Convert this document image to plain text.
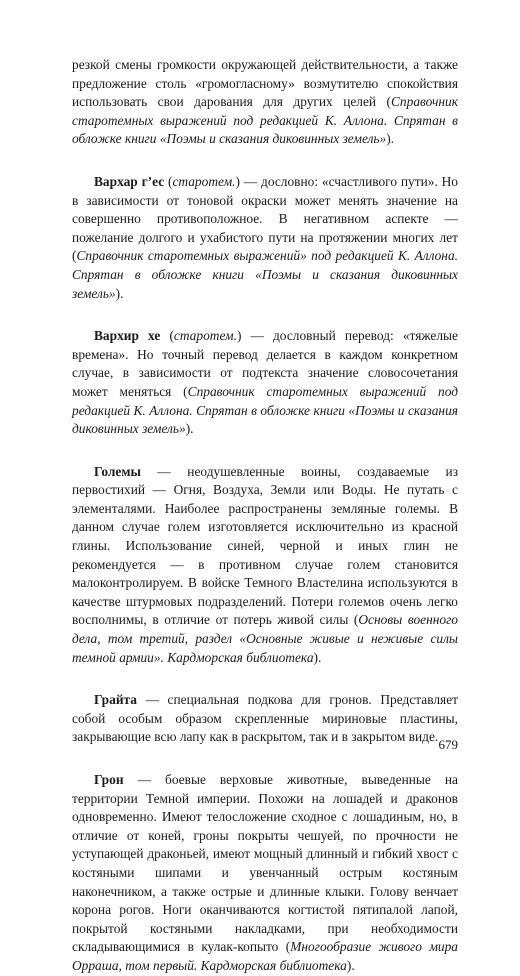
резкой смены громкости окружающей действительности, а также предложение столь «громогласному» возмутителю спокойствия использовать свои дарования для других целей (Справочник старотемных выражений под редакцией К. Аллона. Спрятан в обложке книги «Поэмы и сказания диковинных земель»).

Вархар г’ес (старотем.) — дословно: «счастливого пути». Но в зависимости от тоновой окраски может менять значение на совершенно противоположное. В негативном аспекте — пожелание долгого и ухабистого пути на протяжении многих лет (Справочник старотемных выражений» под редакцией К. Аллона. Спрятан в обложке книги «Поэмы и сказания диковинных земель»).

Вархир хе (старотем.) — дословный перевод: «тяжелые времена». Но точный перевод делается в каждом конкретном случае, в зависимости от подтекста значение словосочетания может меняться (Справочник старотемных выражений под редакцией К. Аллона. Спрятан в обложке книги «Поэмы и сказания диковинных земель»).

Големы — неодушевленные воины, создаваемые из первостихий — Огня, Воздуха, Земли или Воды. Не путать с элементалями. Наиболее распространены земляные големы. В данном случае голем изготовляется исключительно из красной глины. Использование синей, черной и иных глин не рекомендуется — в противном случае голем становится малоконтролируем. В войске Темного Властелина используются в качестве штурмовых подразделений. Потери големов очень легко восполнимы, в отличие от потерь живой силы (Основы военного дела, том третий, раздел «Основные живые и неживые силы темной армии». Кардморская библиотека).

Грайта — специальная подкова для гронов. Представляет собой особым образом скрепленные мириновые пластины, закрывающие всю лапу как в раскрытом, так и в закрытом виде.

Грон — боевые верховые животные, выведенные на территории Темной империи. Похожи на лошадей и драконов одновременно. Имеют телосложение сходное с лошадиным, но, в отличие от коней, гроны покрыты чешуей, по прочности не уступающей драконьей, имеют мощный длинный и гибкий хвост с костяными шипами и увенчанный острым костяным наконечником, а также острые и длинные клыки. Голову венчает корона рогов. Ноги оканчиваются когтистой пятипалой лапой, покрытой костяными накладками, при необходимости складывающимися в кулак-копыто (Многообразие живого мира Орраша, том первый. Кардморская библиотека).

679
